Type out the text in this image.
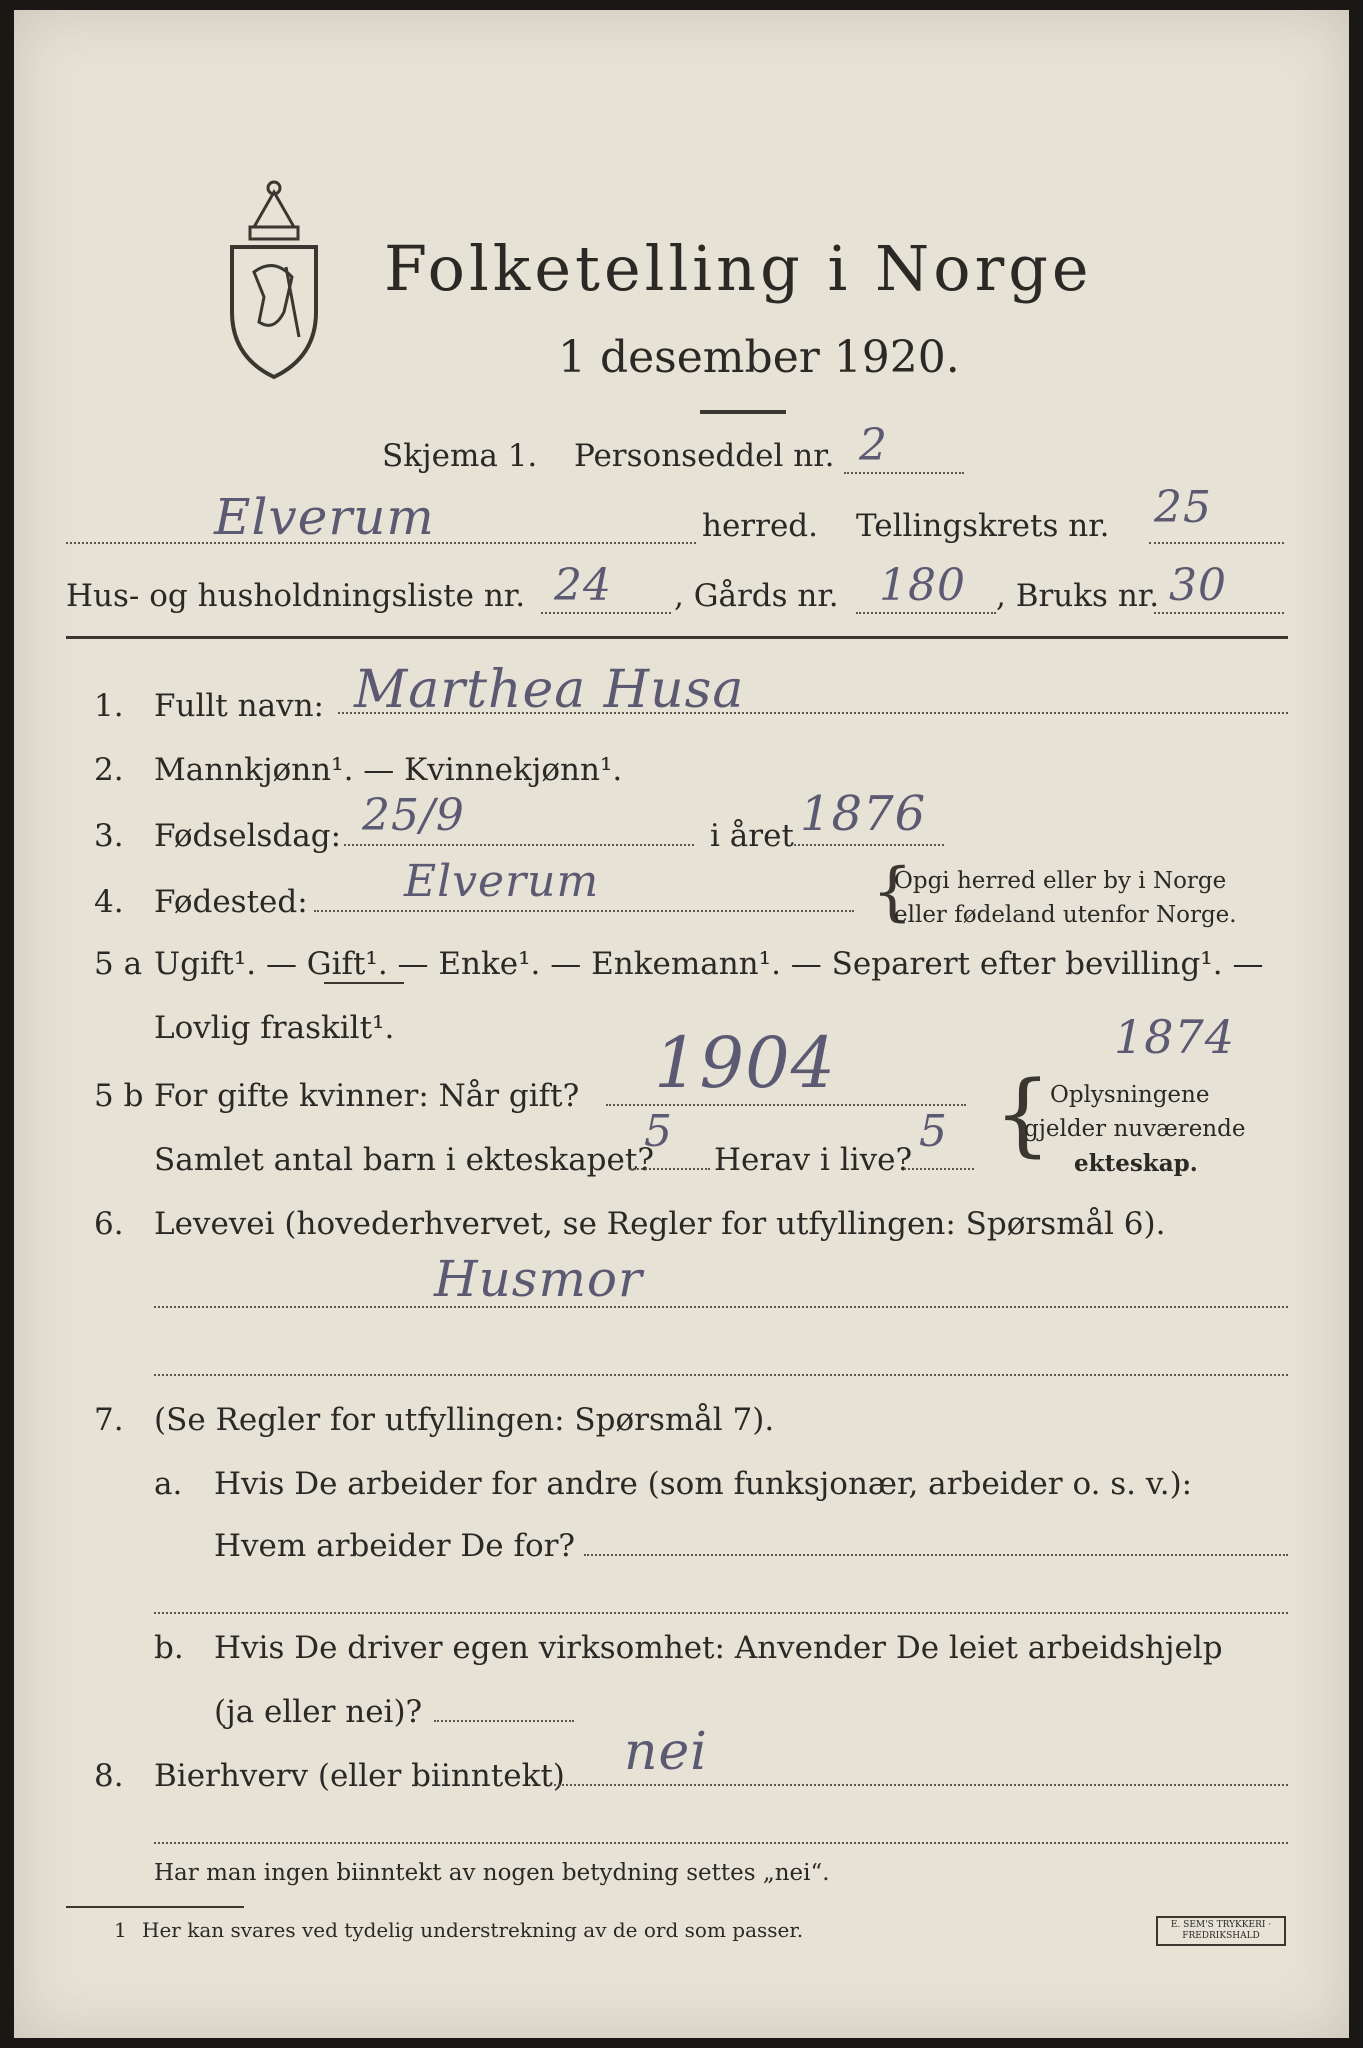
Folketelling i Norge
1 desember 1920.
Skjema 1. Personseddel nr. 2
Elverum	herred. Tellingskrets nr. 25
Hus- og husholdningsliste nr. 24 , Gårds nr. 180 , Bruks nr. 30
1. Fullt navn: Marthea Husa
2. Mannkjønn¹. — Kvinnekjønn¹.
3. Fødselsdag: 25/9	i året 1876
4. Fødested: Elverum	{
Opgi herred eller by i Norge
eller fødeland utenfor Norge.
5 a Ugift¹. — Gift¹. — Enke¹. — Enkemann¹. — Separert efter bevilling¹. —
Lovlig fraskilt¹.	1874
5 b For gifte kvinner: Når gift? 1904 {
Oplysningene
gjelder nuværende
ekteskap.
Samlet antal barn i ekteskapet?
5
Herav i live?
5
6. Levevei (hovederhvervet, se Regler for utfyllingen: Spørsmål 6).
Husmor
7. (Se Regler for utfyllingen: Spørsmål 7).
a. Hvis De arbeider for andre (som funksjonær, arbeider o. s. v.):
Hvem arbeider De for?
b. Hvis De driver egen virksomhet: Anvender De leiet arbeidshjelp
(ja eller nei)?
8. Bierhverv (eller biinntekt) nei
Har man ingen biinntekt av nogen betydning settes „nei“.
1 Her kan svares ved tydelig understrekning av de ord som passer.	E. SEM'S TRYKKERI · FREDRIKSHALD
